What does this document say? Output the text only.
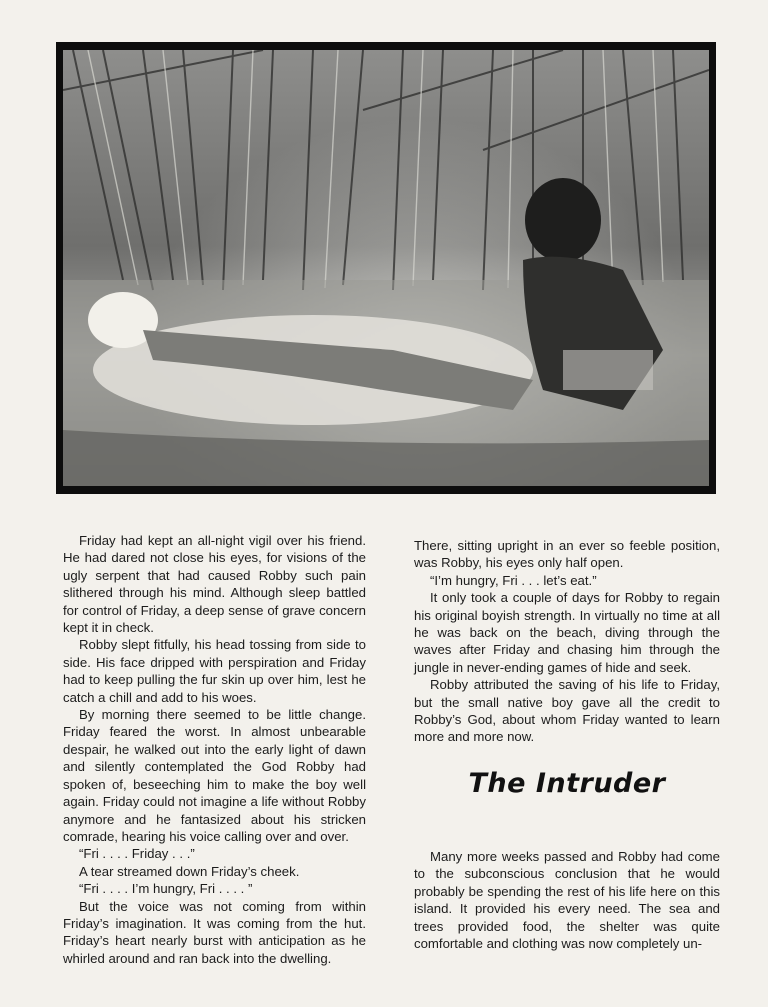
Friday had kept an all-night vigil over his friend. He had dared not close his eyes, for visions of the ugly serpent that had caused Robby such pain slithered through his mind. Although sleep battled for control of Friday, a deep sense of grave concern kept it in check.

Robby slept fitfully, his head tossing from side to side. His face dripped with perspiration and Friday had to keep pulling the fur skin up over him, lest he catch a chill and add to his woes.

By morning there seemed to be little change. Friday feared the worst. In almost unbearable despair, he walked out into the early light of dawn and silently contemplated the God Robby had spoken of, beseeching him to make the boy well again. Friday could not imagine a life without Robby anymore and he fantasized about his stricken comrade, hearing his voice calling over and over.

“Fri . . . . Friday . . .”

A tear streamed down Friday’s cheek.

“Fri . . . . I’m hungry, Fri . . . . ”

But the voice was not coming from within Friday’s imagination. It was coming from the hut. Friday’s heart nearly burst with anticipation as he whirled around and ran back into the dwelling.

There, sitting upright in an ever so feeble position, was Robby, his eyes only half open.

“I’m hungry, Fri . . . let’s eat.”

It only took a couple of days for Robby to regain his original boyish strength. In virtually no time at all he was back on the beach, diving through the waves after Friday and chasing him through the jungle in never-ending games of hide and seek.

Robby attributed the saving of his life to Friday, but the small native boy gave all the credit to Robby’s God, about whom Friday wanted to learn more and more now.

The Intruder

Many more weeks passed and Robby had come to the subconscious conclusion that he would probably be spending the rest of his life here on this island. It provided his every need. The sea and trees provided food, the shelter was quite comfortable and clothing was now completely un-
